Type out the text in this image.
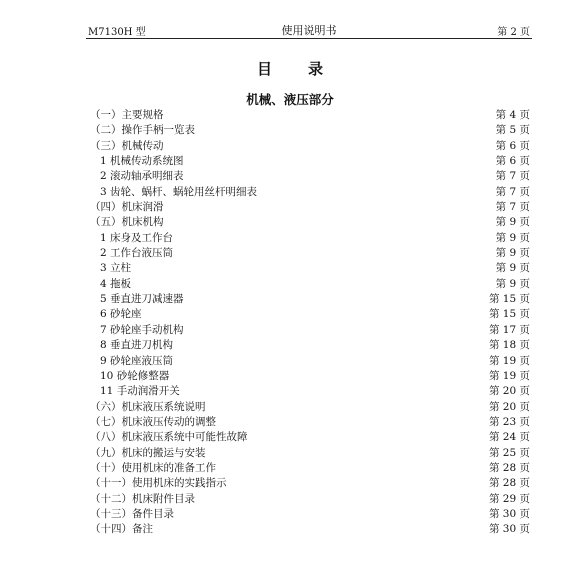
M7130H 型	使用说明书	第 2 页
目录
机械、液压部分
（一）主要规格	第 4 页
（二）操作手柄一览表	第 5 页
（三）机械传动	第 6 页
1 机械传动系统图	第 6 页
2 滚动轴承明细表	第 7 页
3 齿轮、蜗杆、蜗轮用丝杆明细表	第 7 页
（四）机床润滑	第 7 页
（五）机床机构	第 9 页
1 床身及工作台	第 9 页
2 工作台液压筒	第 9 页
3 立柱	第 9 页
4 拖板	第 9 页
5 垂直进刀减速器	第 15 页
6 砂轮座	第 15 页
7 砂轮座手动机构	第 17 页
8 垂直进刀机构	第 18 页
9 砂轮座液压筒	第 19 页
10 砂轮修整器	第 19 页
11 手动润滑开关	第 20 页
（六）机床液压系统说明	第 20 页
（七）机床液压传动的调整	第 23 页
（八）机床液压系统中可能性故障	第 24 页
（九）机床的搬运与安装	第 25 页
（十）使用机床的准备工作	第 28 页
（十一）使用机床的实践指示	第 28 页
（十二）机床附件目录	第 29 页
（十三）备件目录	第 30 页
（十四）备注	第 30 页
